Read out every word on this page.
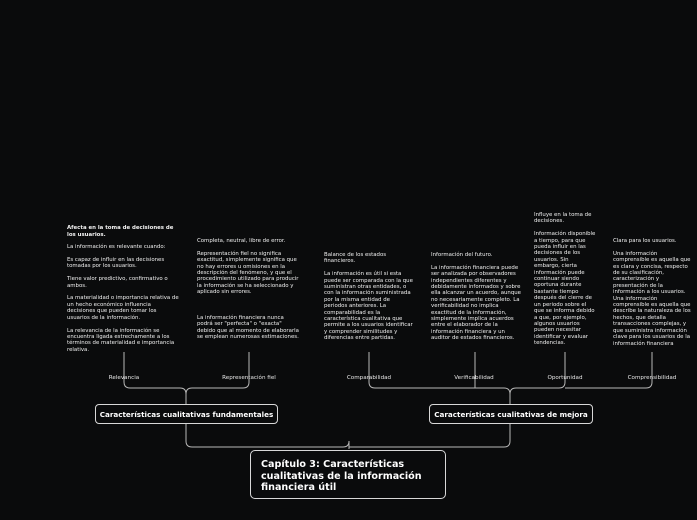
Afecta en la toma de decisiones de los usuarios.

La información es relevante cuando:

Es capaz de influir en las decisiones tomadas por los usuarios.

Tiene valor predictivo, confirmativo o ambos.

La materialidad o importancia relativa de un hecho económico influencia decisiones que pueden tomar los usuarios de la información.

La relevancia de la información se encuentra ligada estrechamente a los términos de materialidad e importancia relativa.

Completa, neutral, libre de error.

Representación fiel no significa exactitud, simplemente significa que no hay errores u omisiones en la descripción del fenómeno, y que el procedimiento utilizado para producir la información se ha seleccionado y aplicado sin errores.

La información financiera nunca podrá ser "perfecta" o "exacta" debido que al momento de elaborarla se emplean numerosas estimaciones.
Balance de los estados financieros.

La información es útil si esta puede ser comparada con la que suministran otras entidades, o con la información suministrada por la misma entidad de periodos anteriores. La comparabilidad es la característica cualitativa que permite a los usuarios identificar y comprender similitudes y diferencias entre partidas.
Información del futuro.

La información financiera puede ser analizada por observadores independientes diferentes y debidamente informados y sobre ella alcanzar un acuerdo, aunque no necesariamente completo. La verificabilidad no implica exactitud de la información, simplemente implica acuerdos entre el elaborador de la información financiera y un auditor de estados financieros.
Influye en la toma de decisiones.

Información disponible a tiempo, para que pueda influir en las decisiones de los usuarios. Sin embargo, cierta información puede continuar siendo oportuna durante bastante tiempo después del cierre de un periodo sobre el que se informa debido a que, por ejemplo, algunos usuarios pueden necesitar identificar y evaluar tendencias.
Clara para los usuarios.

Una información comprensible es aquella que es clara y concisa, respecto de su clasificación, caracterización y presentación de la información a los usuarios. Una información comprensible es aquella que describe la naturaleza de los hechos, que detalla transacciones complejas, y que suministra información clave para los usuarios de la información financiera
Relevancia	Representación fiel	Comparabilidad	Verificabilidad	Oportunidad	Comprensibilidad
Características cualitativas fundamentales	Características cualitativas de mejora
Capítulo 3: Características cualitativas de la información financiera útil
